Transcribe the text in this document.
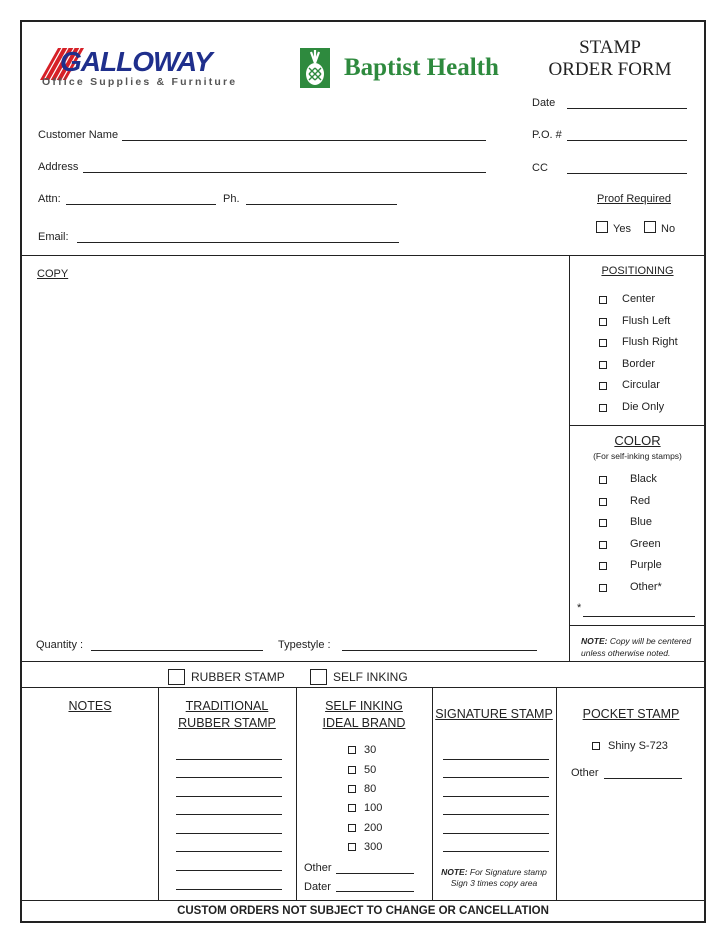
GALLOWAY
Office Supplies & Furniture
Baptist Health
STAMP
ORDER FORM
Date
P.O. #
CC
Customer Name
Address
Attn:	Ph.
Email:
Proof Required
Yes	No
COPY
Quantity :	Typestyle :
POSITIONING
Center
Flush Left
Flush Right
Border
Circular
Die Only
COLOR
(For self-inking stamps)
Black
Red
Blue
Green
Purple
Other*
*
NOTE: Copy will be centered
unless otherwise noted.
RUBBER STAMP	SELF INKING
NOTES	TRADITIONAL
RUBBER STAMP
SELF INKING
IDEAL BRAND
SIGNATURE STAMP	POCKET STAMP
30
50
80
100
200
300
Other
Dater
NOTE: For Signature stamp
Sign 3 times copy area
Shiny S-723
Other
CUSTOM ORDERS NOT SUBJECT TO CHANGE OR CANCELLATION
